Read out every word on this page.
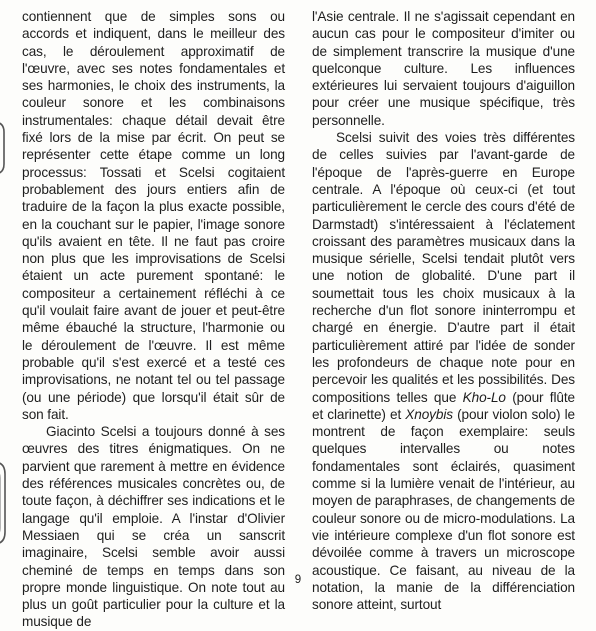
contiennent que de simples sons ou accords et indiquent, dans le meilleur des cas, le déroulement approximatif de l'œuvre, avec ses notes fondamentales et ses harmonies, le choix des instruments, la couleur sonore et les combinaisons instrumentales: chaque détail devait être fixé lors de la mise par écrit. On peut se représenter cette étape comme un long processus: Tossati et Scelsi cogitaient probablement des jours entiers afin de traduire de la façon la plus exacte possible, en la couchant sur le papier, l'image sonore qu'ils avaient en tête. Il ne faut pas croire non plus que les improvisations de Scelsi étaient un acte purement spontané: le compositeur a certainement réfléchi à ce qu'il voulait faire avant de jouer et peut-être même ébauché la structure, l'harmonie ou le déroulement de l'œuvre. Il est même probable qu'il s'est exercé et a testé ces improvisations, ne notant tel ou tel passage (ou une période) que lorsqu'il était sûr de son fait.

Giacinto Scelsi a toujours donné à ses œuvres des titres énigmatiques. On ne parvient que rarement à mettre en évidence des références musicales concrètes ou, de toute façon, à déchiffrer ses indications et le langage qu'il emploie. A l'instar d'Olivier Messiaen qui se créa un sanscrit imaginaire, Scelsi semble avoir aussi cheminé de temps en temps dans son propre monde linguistique. On note tout au plus un goût particulier pour la culture et la musique de

l'Asie centrale. Il ne s'agissait cependant en aucun cas pour le compositeur d'imiter ou de simplement transcrire la musique d'une quelconque culture. Les influences extérieures lui servaient toujours d'aiguillon pour créer une musique spécifique, très personnelle.

Scelsi suivit des voies très différentes de celles suivies par l'avant-garde de l'époque de l'après-guerre en Europe centrale. A l'époque où ceux-ci (et tout particulièrement le cercle des cours d'été de Darmstadt) s'intéressaient à l'éclatement croissant des paramètres musicaux dans la musique sérielle, Scelsi tendait plutôt vers une notion de globalité. D'une part il soumettait tous les choix musicaux à la recherche d'un flot sonore ininterrompu et chargé en énergie. D'autre part il était particulièrement attiré par l'idée de sonder les profondeurs de chaque note pour en percevoir les qualités et les possibilités. Des compositions telles que Kho-Lo (pour flûte et clarinette) et Xnoybis (pour violon solo) le montrent de façon exemplaire: seuls quelques intervalles ou notes fondamentales sont éclairés, quasiment comme si la lumière venait de l'intérieur, au moyen de paraphrases, de changements de couleur sonore ou de micro-modulations. La vie intérieure complexe d'un flot sonore est dévoilée comme à travers un microscope acoustique. Ce faisant, au niveau de la notation, la manie de la différenciation sonore atteint, surtout

9
